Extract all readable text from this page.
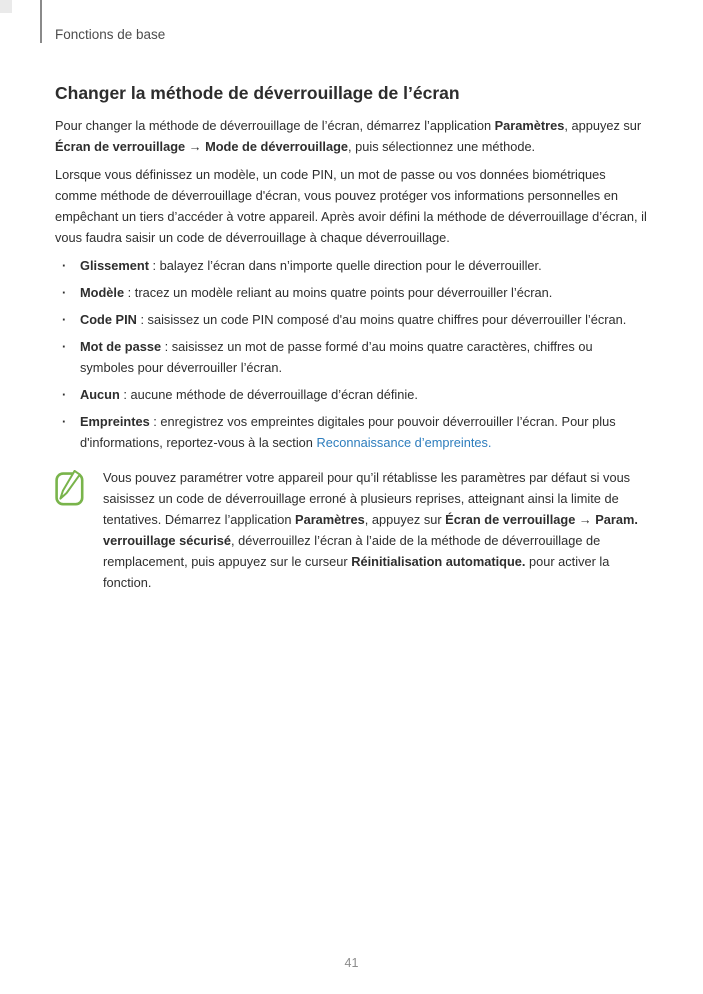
Fonctions de base
Changer la méthode de déverrouillage de l’écran

Pour changer la méthode de déverrouillage de l’écran, démarrez l’application Paramètres, appuyez sur Écran de verrouillage → Mode de déverrouillage, puis sélectionnez une méthode.

Lorsque vous définissez un modèle, un code PIN, un mot de passe ou vos données biométriques comme méthode de déverrouillage d'écran, vous pouvez protéger vos informations personnelles en empêchant un tiers d’accéder à votre appareil. Après avoir défini la méthode de déverrouillage d’écran, il vous faudra saisir un code de déverrouillage à chaque déverrouillage.

· Glissement : balayez l’écran dans n’importe quelle direction pour le déverrouiller.
· Modèle : tracez un modèle reliant au moins quatre points pour déverrouiller l’écran.
· Code PIN : saisissez un code PIN composé d'au moins quatre chiffres pour déverrouiller l’écran.
· Mot de passe : saisissez un mot de passe formé d’au moins quatre caractères, chiffres ou symboles pour déverrouiller l’écran.
· Aucun : aucune méthode de déverrouillage d’écran définie.
· Empreintes : enregistrez vos empreintes digitales pour pouvoir déverrouiller l’écran. Pour plus d'informations, reportez-vous à la section Reconnaissance d’empreintes.
Vous pouvez paramétrer votre appareil pour qu’il rétablisse les paramètres par défaut si vous saisissez un code de déverrouillage erroné à plusieurs reprises, atteignant ainsi la limite de tentatives. Démarrez l’application Paramètres, appuyez sur Écran de verrouillage → Param. verrouillage sécurisé, déverrouillez l’écran à l’aide de la méthode de déverrouillage de remplacement, puis appuyez sur le curseur Réinitialisation automatique. pour activer la fonction.
41
